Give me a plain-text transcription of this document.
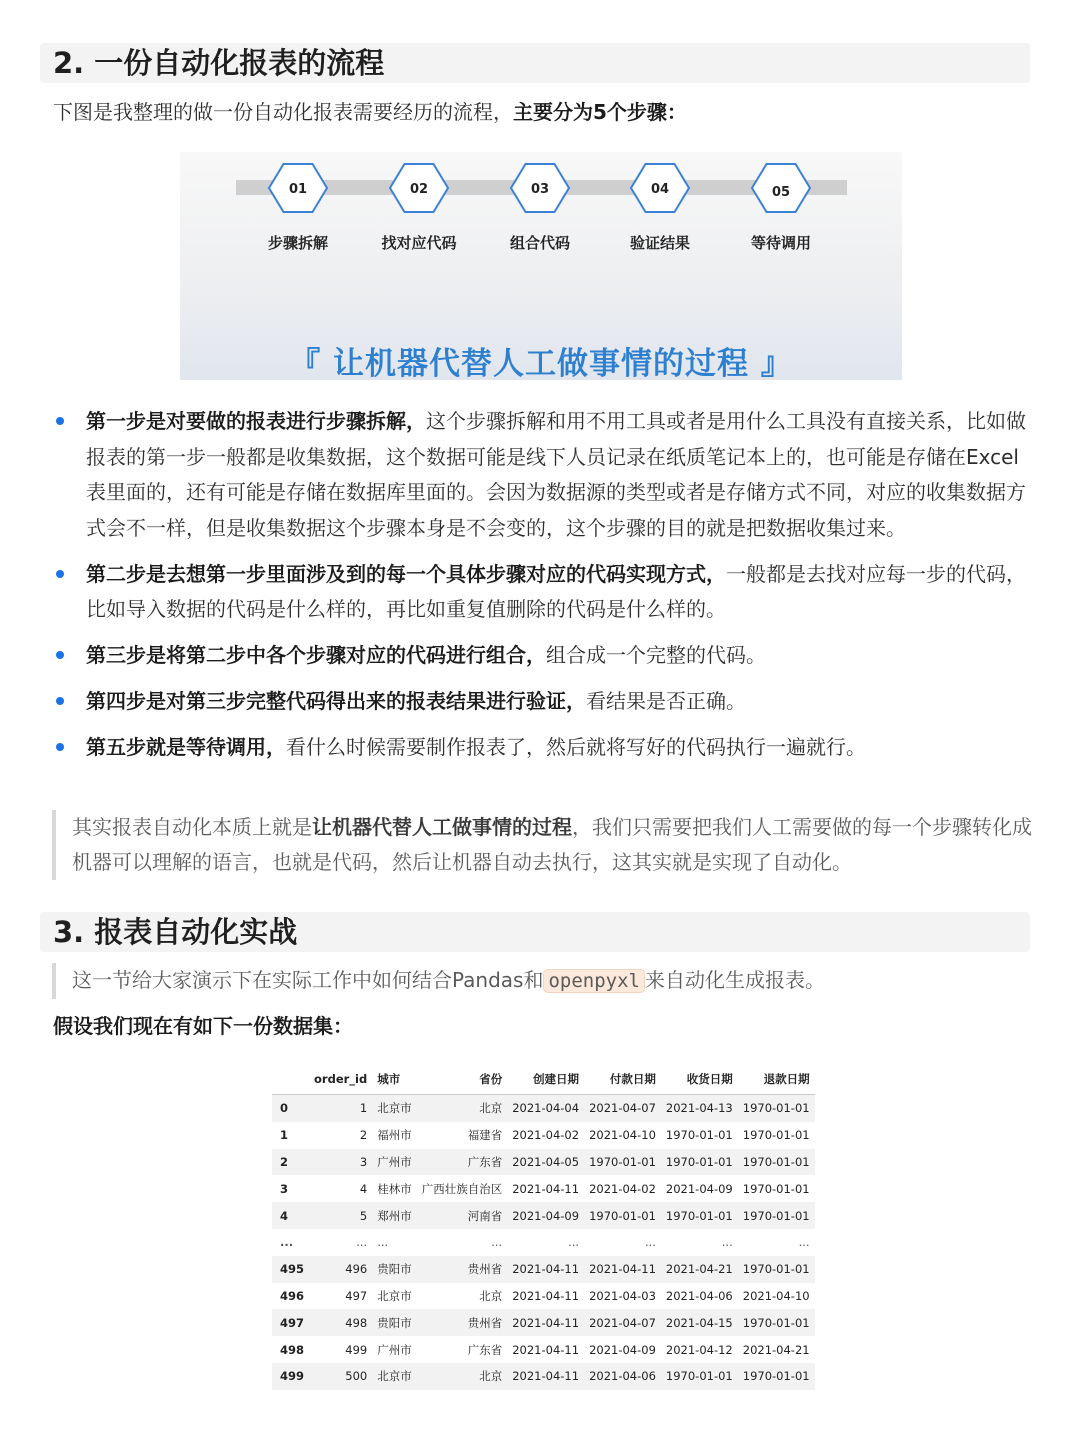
2. 一份自动化报表的流程
下图是我整理的做一份自动化报表需要经历的流程，主要分为5个步骤：
01	02	03	04	05
步骤拆解	找对应代码	组合代码	验证结果	等待调用
『 让机器代替人工做事情的过程 』
第一步是对要做的报表进行步骤拆解，这个步骤拆解和用不用工具或者是用什么工具没有直接关系，比如做报表的第一步一般都是收集数据，这个数据可能是线下人员记录在纸质笔记本上的，也可能是存储在Excel表里面的，还有可能是存储在数据库里面的。会因为数据源的类型或者是存储方式不同，对应的收集数据方式会不一样，但是收集数据这个步骤本身是不会变的，这个步骤的目的就是把数据收集过来。
第二步是去想第一步里面涉及到的每一个具体步骤对应的代码实现方式，一般都是去找对应每一步的代码，比如导入数据的代码是什么样的，再比如重复值删除的代码是什么样的。
第三步是将第二步中各个步骤对应的代码进行组合，组合成一个完整的代码。
第四步是对第三步完整代码得出来的报表结果进行验证，看结果是否正确。
第五步就是等待调用，看什么时候需要制作报表了，然后就将写好的代码执行一遍就行。
其实报表自动化本质上就是让机器代替人工做事情的过程，我们只需要把我们人工需要做的每一个步骤转化成机器可以理解的语言，也就是代码，然后让机器自动去执行，这其实就是实现了自动化。
3. 报表自动化实战
这一节给大家演示下在实际工作中如何结合Pandas和 openpyxl 来自动化生成报表。
假设我们现在有如下一份数据集：
	order_id	城市	省份	创建日期	付款日期	收货日期	退款日期
0	1	北京市	北京	2021-04-04	2021-04-07	2021-04-13	1970-01-01
1	2	福州市	福建省	2021-04-02	2021-04-10	1970-01-01	1970-01-01
2	3	广州市	广东省	2021-04-05	1970-01-01	1970-01-01	1970-01-01
3	4	桂林市	广西壮族自治区	2021-04-11	2021-04-02	2021-04-09	1970-01-01
4	5	郑州市	河南省	2021-04-09	1970-01-01	1970-01-01	1970-01-01
...	...	...	...	...	...	...	...
495	496	贵阳市	贵州省	2021-04-11	2021-04-11	2021-04-21	1970-01-01
496	497	北京市	北京	2021-04-11	2021-04-03	2021-04-06	2021-04-10
497	498	贵阳市	贵州省	2021-04-11	2021-04-07	2021-04-15	1970-01-01
498	499	广州市	广东省	2021-04-11	2021-04-09	2021-04-12	2021-04-21
499	500	北京市	北京	2021-04-11	2021-04-06	1970-01-01	1970-01-01
